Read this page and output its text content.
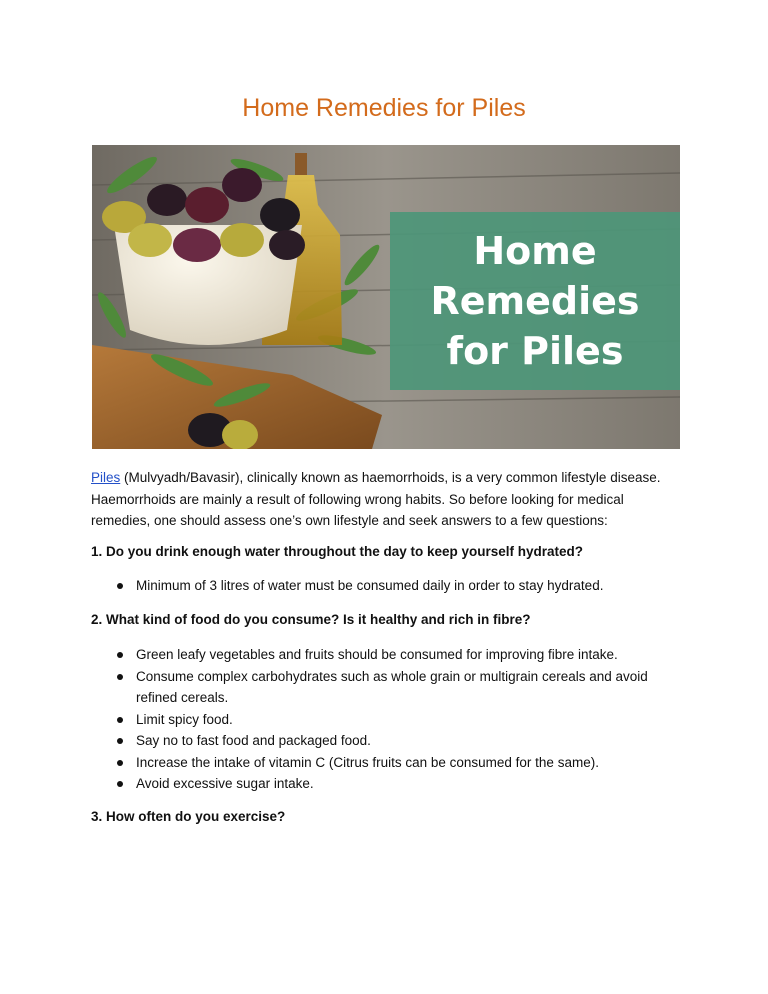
Home Remedies for Piles
Home
Remedies
for Piles
Piles (Mulvyadh/Bavasir), clinically known as haemorrhoids, is a very common lifestyle disease. Haemorrhoids are mainly a result of following wrong habits. So before looking for medical remedies, one should assess one’s own lifestyle and seek answers to a few questions:
1. Do you drink enough water throughout the day to keep yourself hydrated?
Minimum of 3 litres of water must be consumed daily in order to stay hydrated.
2. What kind of food do you consume? Is it healthy and rich in fibre?
Green leafy vegetables and fruits should be consumed for improving fibre intake.
Consume complex carbohydrates such as whole grain or multigrain cereals and avoid refined cereals.
Limit spicy food.
Say no to fast food and packaged food.
Increase the intake of vitamin C (Citrus fruits can be consumed for the same).
Avoid excessive sugar intake.
3. How often do you exercise?
